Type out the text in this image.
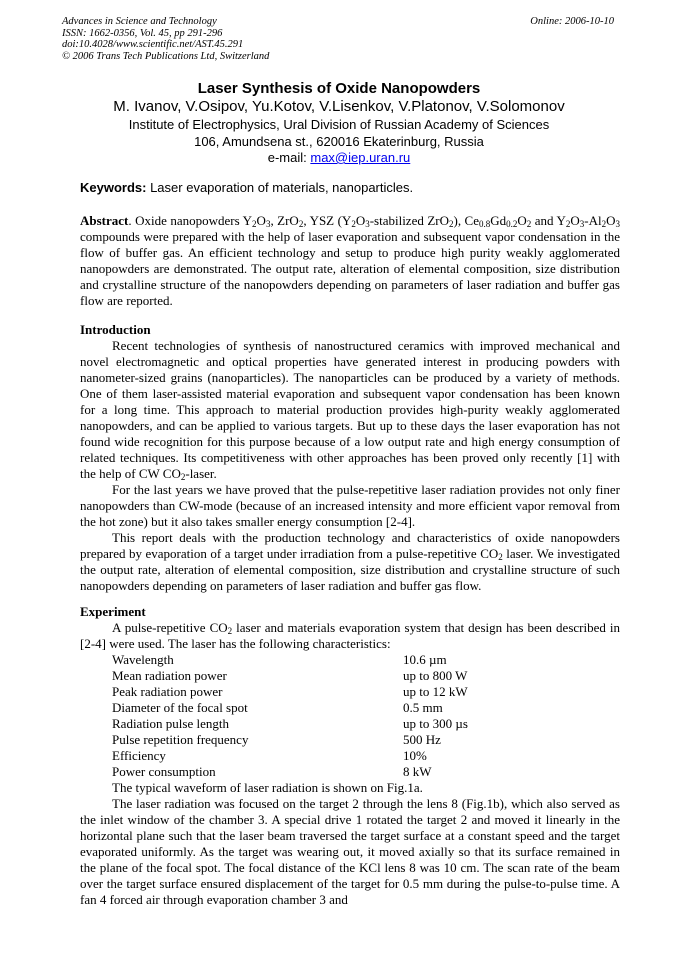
Advances in Science and Technology
ISSN: 1662-0356, Vol. 45, pp 291-296
doi:10.4028/www.scientific.net/AST.45.291
© 2006 Trans Tech Publications Ltd, Switzerland
Online: 2006-10-10
Laser Synthesis of Oxide Nanopowders
M. Ivanov, V.Osipov, Yu.Kotov, V.Lisenkov, V.Platonov, V.Solomonov
Institute of Electrophysics, Ural Division of Russian Academy of Sciences
106, Amundsena st., 620016 Ekaterinburg, Russia
e-mail: max@iep.uran.ru
Keywords: Laser evaporation of materials, nanoparticles.

Abstract. Oxide nanopowders $Y_2O_3$, ZrO$_2$, YSZ ($Y_2O_3$-stabilized ZrO$_2$), $Ce_{0.8}Gd_{0.2}O_2$ and $Y_2O_3-Al_2O_3$ compounds were prepared with the help of laser evaporation and subsequent vapor condensation in the flow of buffer gas. An efficient technology and setup to produce high purity weakly agglomerated nanopowders are demonstrated. The output rate, alteration of elemental composition, size distribution and crystalline structure of the nanopowders depending on parameters of laser radiation and buffer gas flow are reported.

Introduction

Recent technologies of synthesis of nanostructured ceramics with improved mechanical and novel electromagnetic and optical properties have generated interest in producing powders with nanometer-sized grains (nanoparticles). The nanoparticles can be produced by a variety of methods. One of them laser-assisted material evaporation and subsequent vapor condensation has been known for a long time. This approach to material production provides high-purity weakly agglomerated nanopowders, and can be applied to various targets. But up to these days the laser evaporation has not found wide recognition for this purpose because of a low output rate and high energy consumption of related techniques. Its competitiveness with other approaches has been proved only recently [1] with the help of CW $CO_2$-laser.

For the last years we have proved that the pulse-repetitive laser radiation provides not only finer nanopowders than CW-mode (because of an increased intensity and more efficient vapor removal from the hot zone) but it also takes smaller energy consumption [2-4].

This report deals with the production technology and characteristics of oxide nanopowders prepared by evaporation of a target under irradiation from a pulse-repetitive $CO_2$ laser. We investigated the output rate, alteration of elemental composition, size distribution and crystalline structure of such nanopowders depending on parameters of laser radiation and buffer gas flow.

Experiment

A pulse-repetitive $CO_2$ laser and materials evaporation system that design has been described in [2-4] were used. The laser has the following characteristics:

Wavelength	10.6 µm
Mean radiation power	up to 800 W
Peak radiation power	up to 12 kW
Diameter of the focal spot	0.5 mm
Radiation pulse length	up to 300 µs
Pulse repetition frequency	500 Hz
Efficiency	10%
Power consumption	8 kW

The typical waveform of laser radiation is shown on Fig.1a.

The laser radiation was focused on the target 2 through the lens 8 (Fig.1b), which also served as the inlet window of the chamber 3. A special drive 1 rotated the target 2 and moved it linearly in the horizontal plane such that the laser beam traversed the target surface at a constant speed and the target evaporated uniformly. As the target was wearing out, it moved axially so that its surface remained in the plane of the focal spot. The focal distance of the KCl lens 8 was 10 cm. The scan rate of the beam over the target surface ensured displacement of the target for 0.5 mm during the pulse-to-pulse time. A fan 4 forced air through evaporation chamber 3 and
